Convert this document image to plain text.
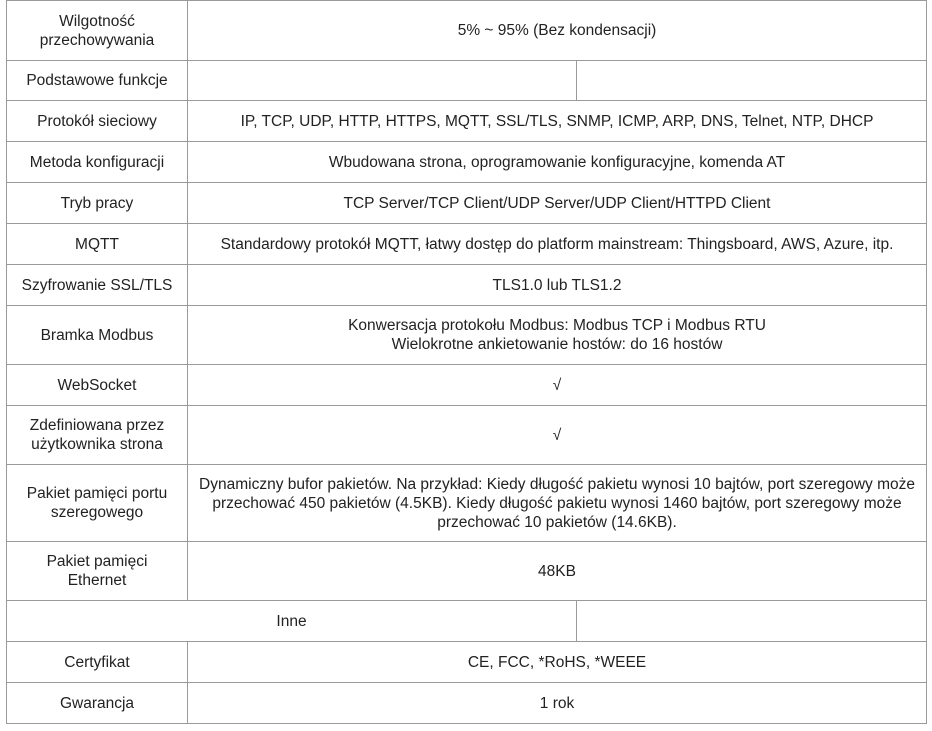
Wilgotność
przechowywania	5% ~ 95% (Bez kondensacji)	
Podstawowe funkcje		
Protokół sieciowy	IP, TCP, UDP, HTTP, HTTPS, MQTT, SSL/TLS, SNMP, ICMP, ARP, DNS, Telnet, NTP, DHCP	
Metoda konfiguracji	Wbudowana strona, oprogramowanie konfiguracyjne, komenda AT	
Tryb pracy	TCP Server/TCP Client/UDP Server/UDP Client/HTTPD Client	
MQTT	Standardowy protokół MQTT, łatwy dostęp do platform mainstream: Thingsboard, AWS, Azure, itp.	
Szyfrowanie SSL/TLS	TLS1.0 lub TLS1.2	
Bramka Modbus	Konwersacja protokołu Modbus: Modbus TCP i Modbus RTU
Wielokrotne ankietowanie hostów: do 16 hostów	

WebSocket	√	

Zdefiniowana przez
użytkownika strona	√	

Pakiet pamięci portu
szeregowego	Dynamiczny bufor pakietów. Na przykład: Kiedy długość pakietu wynosi 10 bajtów, port szeregowy może przechować 450 pakietów (4.5KB). Kiedy długość pakietu wynosi 1460 bajtów, port szeregowy może przechować 10 pakietów (14.6KB).	

Pakiet pamięci
Ethernet	48KB	
Inne		
Certyfikat	CE, FCC, *RoHS, *WEEE	
Gwarancja	1 rok	
